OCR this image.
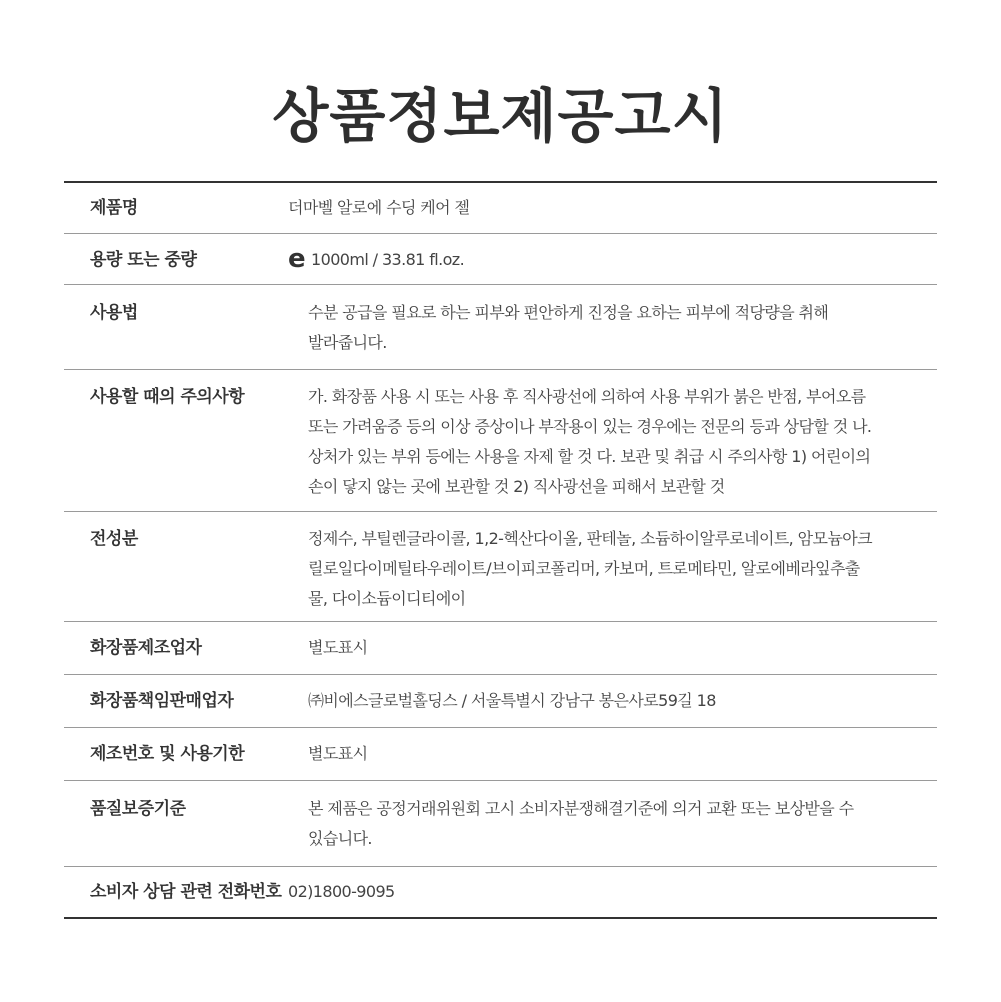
상품정보제공고시
제품명	더마벨 알로에 수딩 케어 젤
용량 또는 중량	e 1000ml / 33.81 fl.oz.
사용법	수분 공급을 필요로 하는 피부와 편안하게 진정을 요하는 피부에 적당량을 취해
발라줍니다.
사용할 때의 주의사항	가. 화장품 사용 시 또는 사용 후 직사광선에 의하여 사용 부위가 붉은 반점, 부어오름
또는 가려움증 등의 이상 증상이나 부작용이 있는 경우에는 전문의 등과 상담할 것 나.
상처가 있는 부위 등에는 사용을 자제 할 것 다. 보관 및 취급 시 주의사항 1) 어린이의
손이 닿지 않는 곳에 보관할 것 2) 직사광선을 피해서 보관할 것
전성분	정제수, 부틸렌글라이콜, 1,2-헥산다이올, 판테놀, 소듐하이알루로네이트, 암모늄아크
릴로일다이메틸타우레이트/브이피코폴리머, 카보머, 트로메타민, 알로에베라잎추출
물, 다이소듐이디티에이
화장품제조업자	별도표시
화장품책임판매업자	㈜비에스글로벌홀딩스 / 서울특별시 강남구 봉은사로59길 18
제조번호 및 사용기한	별도표시
품질보증기준	본 제품은 공정거래위원회 고시 소비자분쟁해결기준에 의거 교환 또는 보상받을 수
있습니다.
소비자 상담 관련 전화번호 02)1800-9095
